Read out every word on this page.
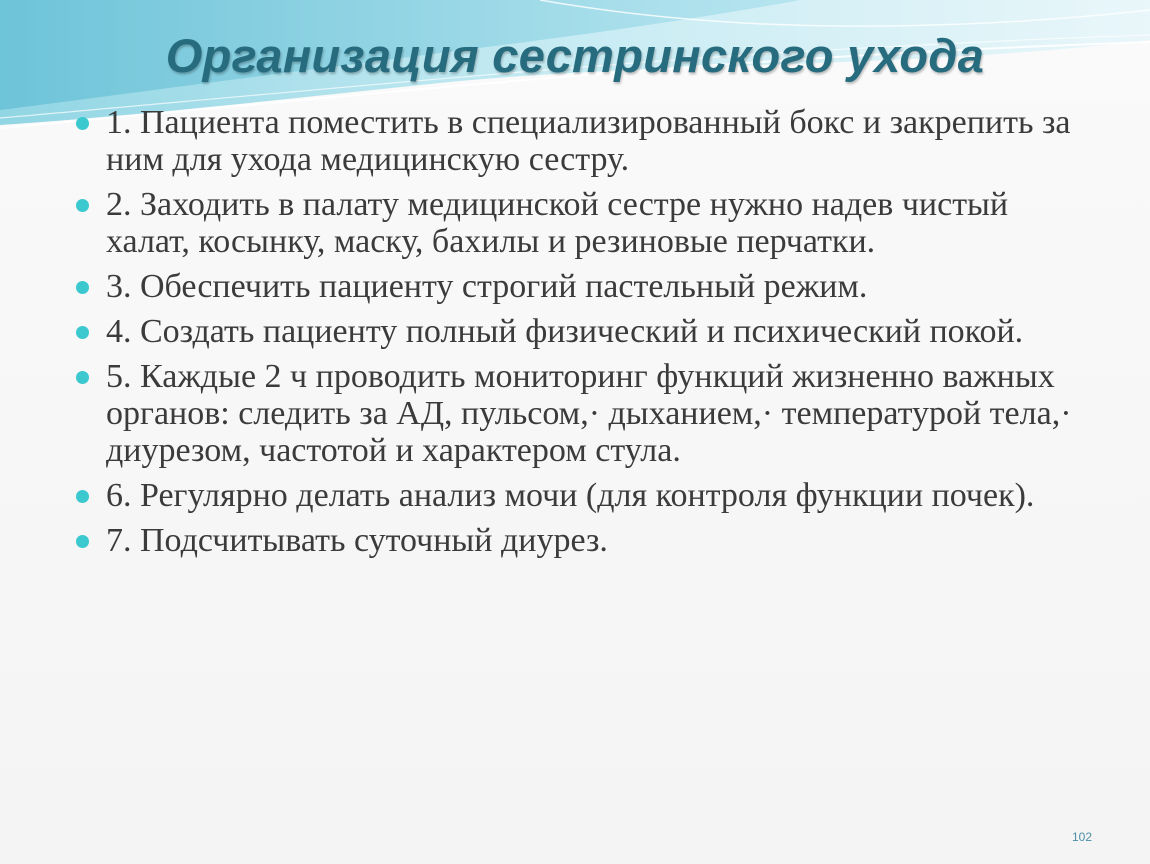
Организация сестринского ухода
1. Пациента поместить в специализированный бокс и закрепить за ним для ухода медицинскую сестру.
2. Заходить в палату медицинской сестре нужно надев чистый халат, косынку, маску, бахилы и резиновые перчатки.
3. Обеспечить пациенту строгий пастельный режим.
4. Создать пациенту полный физический и психический покой.
5. Каждые 2 ч проводить мониторинг функций жизненно важных органов: следить за АД, пульсом,· дыханием,· температурой тела,· диурезом, частотой и характером стула.
6. Регулярно делать анализ мочи (для контроля функции почек).
7. Подсчитывать суточный диурез.
102
